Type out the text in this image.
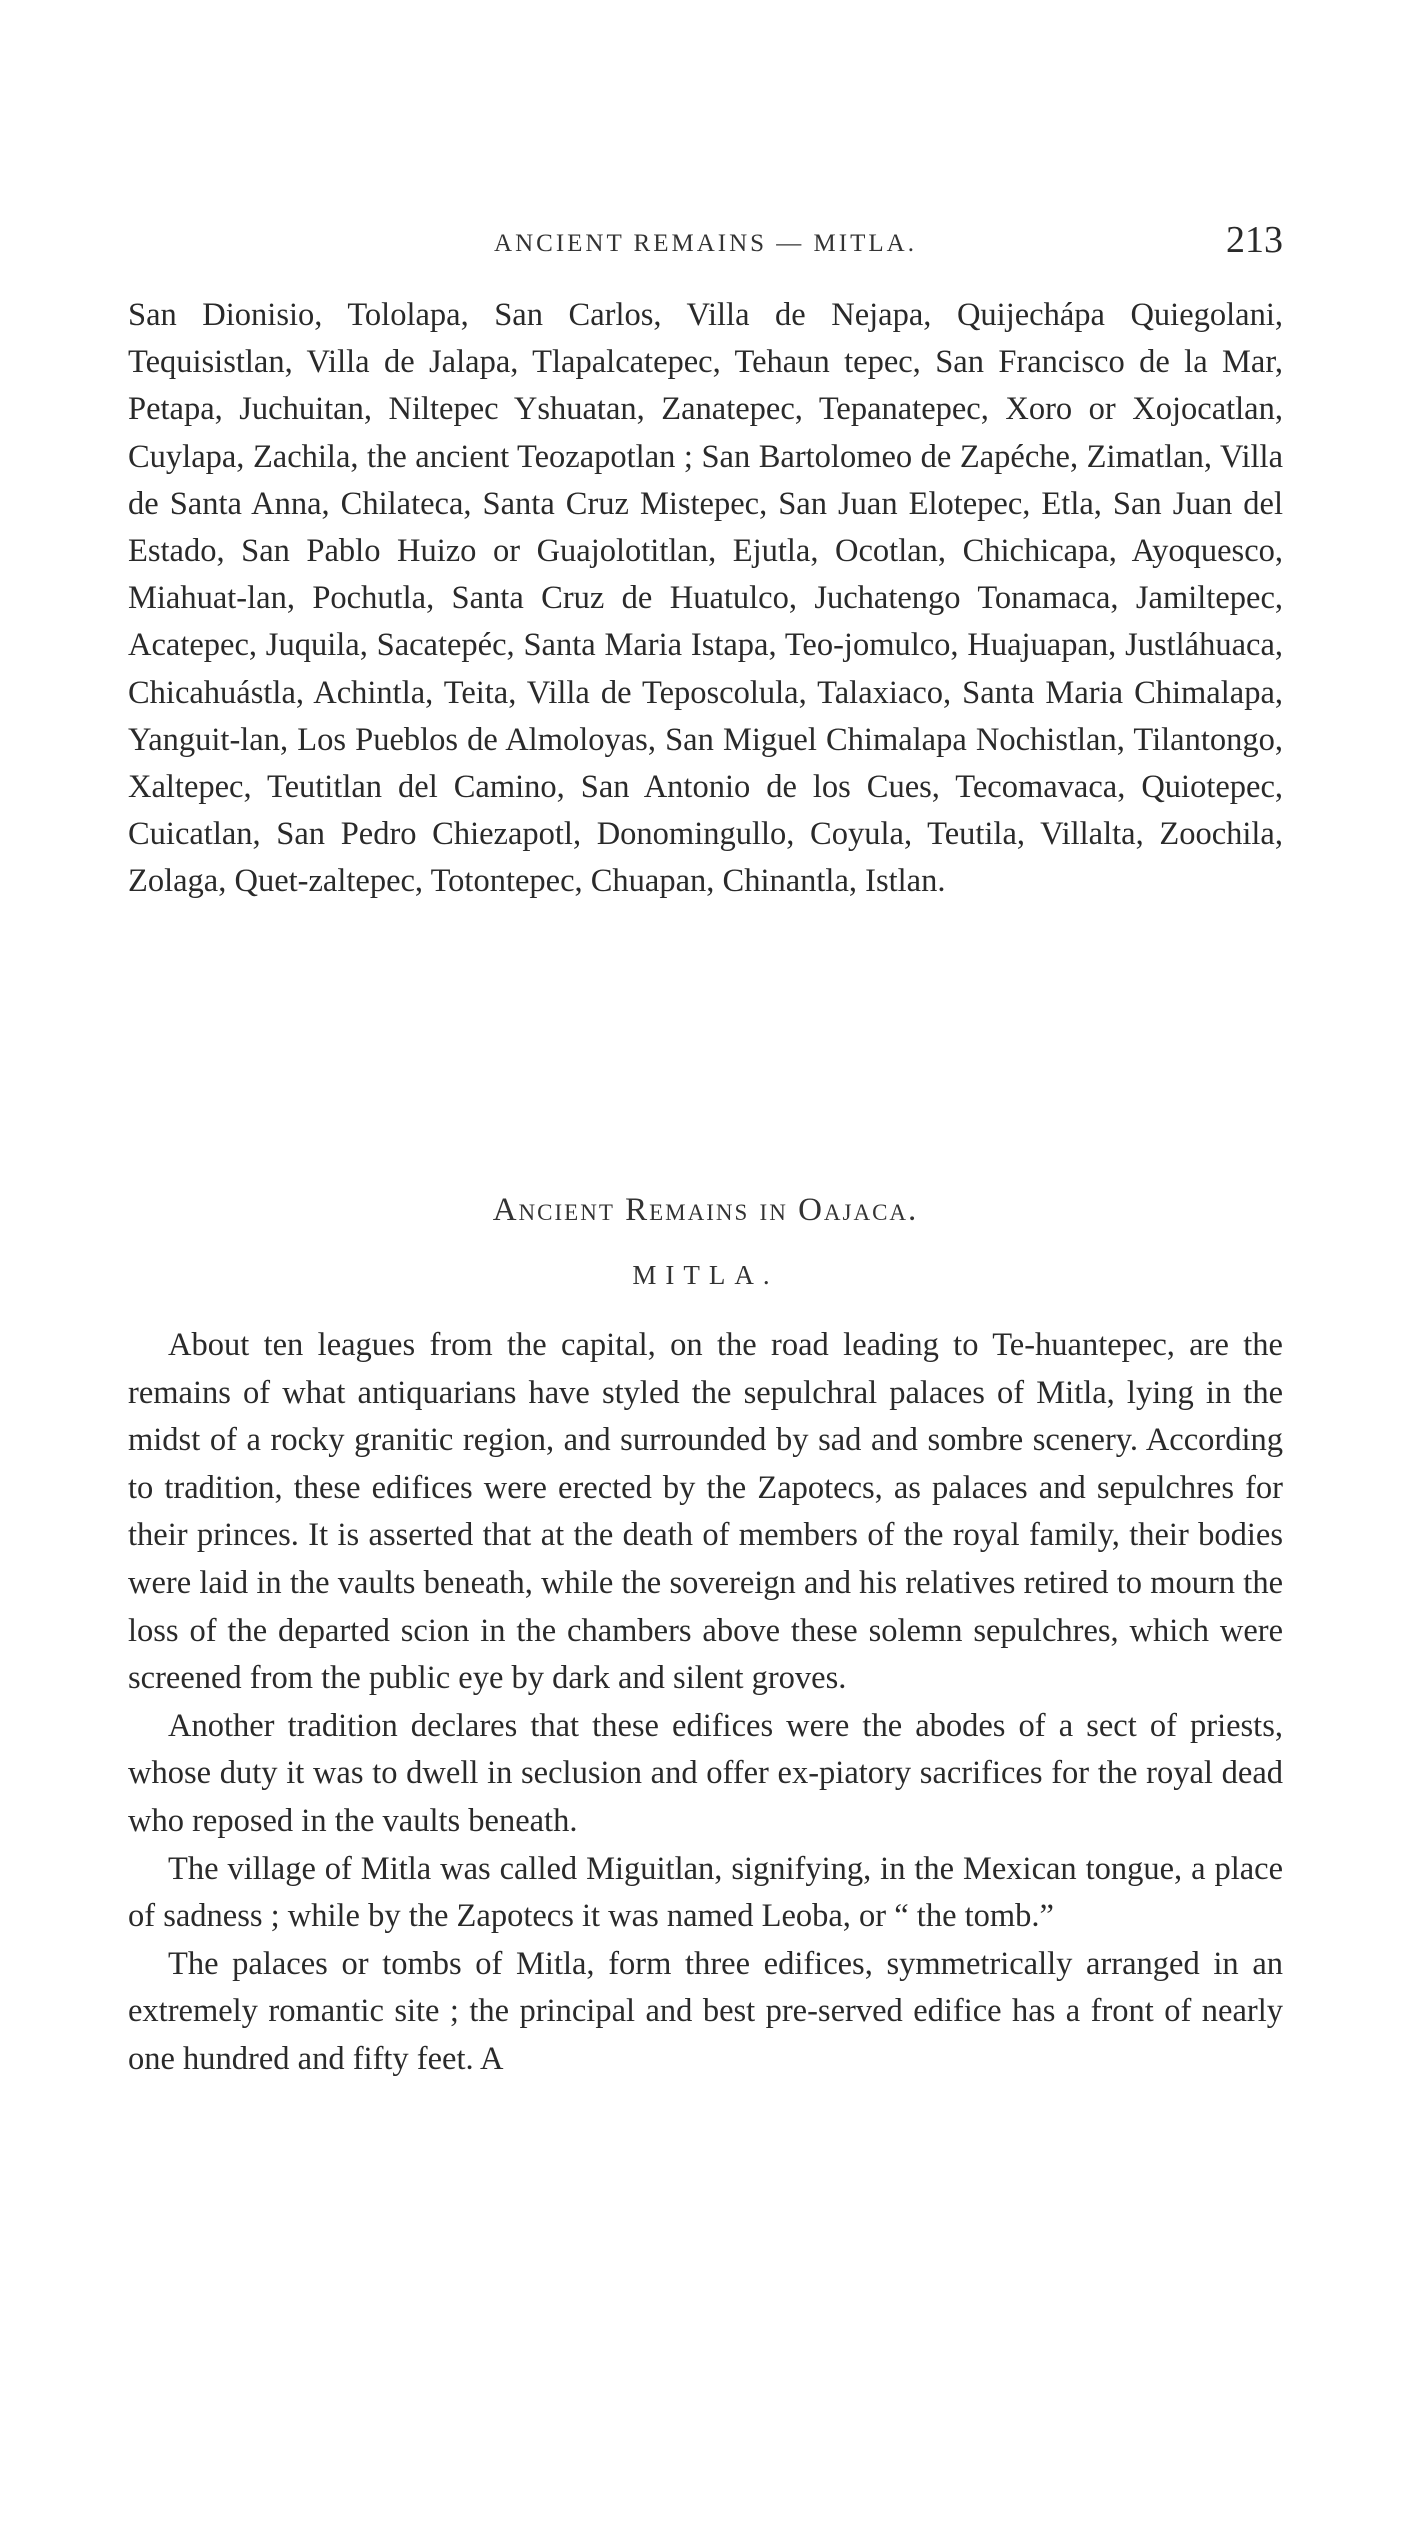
ANCIENT REMAINS — MITLA.	213

San Dionisio, Tololapa, San Carlos, Villa de Nejapa, Quijechápa Quiegolani, Tequisistlan, Villa de Jalapa, Tlapalcatepec, Tehaun tepec, San Francisco de la Mar, Petapa, Juchuitan, Niltepec Yshuatan, Zanatepec, Tepanatepec, Xoro or Xojocatlan, Cuylapa, Zachila, the ancient Teozapotlan ; San Bartolomeo de Zapéche, Zimatlan, Villa de Santa Anna, Chilateca, Santa Cruz Mistepec, San Juan Elotepec, Etla, San Juan del Estado, San Pablo Huizo or Guajolotitlan, Ejutla, Ocotlan, Chichicapa, Ayoquesco, Miahuat-lan, Pochutla, Santa Cruz de Huatulco, Juchatengo Tonamaca, Jamiltepec, Acatepec, Juquila, Sacatepéc, Santa Maria Istapa, Teo-jomulco, Huajuapan, Justláhuaca, Chicahuástla, Achintla, Teita, Villa de Teposcolula, Talaxiaco, Santa Maria Chimalapa, Yanguit-lan, Los Pueblos de Almoloyas, San Miguel Chimalapa Nochistlan, Tilantongo, Xaltepec, Teutitlan del Camino, San Antonio de los Cues, Tecomavaca, Quiotepec, Cuicatlan, San Pedro Chiezapotl, Donomingullo, Coyula, Teutila, Villalta, Zoochila, Zolaga, Quet-zaltepec, Totontepec, Chuapan, Chinantla, Istlan.

Ancient Remains in Oajaca.
MITLA.

About ten leagues from the capital, on the road leading to Te-huantepec, are the remains of what antiquarians have styled the sepulchral palaces of Mitla, lying in the midst of a rocky granitic region, and surrounded by sad and sombre scenery. According to tradition, these edifices were erected by the Zapotecs, as palaces and sepulchres for their princes. It is asserted that at the death of members of the royal family, their bodies were laid in the vaults beneath, while the sovereign and his relatives retired to mourn the loss of the departed scion in the chambers above these solemn sepulchres, which were screened from the public eye by dark and silent groves.

Another tradition declares that these edifices were the abodes of a sect of priests, whose duty it was to dwell in seclusion and offer ex-piatory sacrifices for the royal dead who reposed in the vaults beneath.

The village of Mitla was called Miguitlan, signifying, in the Mexican tongue, a place of sadness ; while by the Zapotecs it was named Leoba, or “ the tomb.”

The palaces or tombs of Mitla, form three edifices, symmetrically arranged in an extremely romantic site ; the principal and best pre-served edifice has a front of nearly one hundred and fifty feet. A
